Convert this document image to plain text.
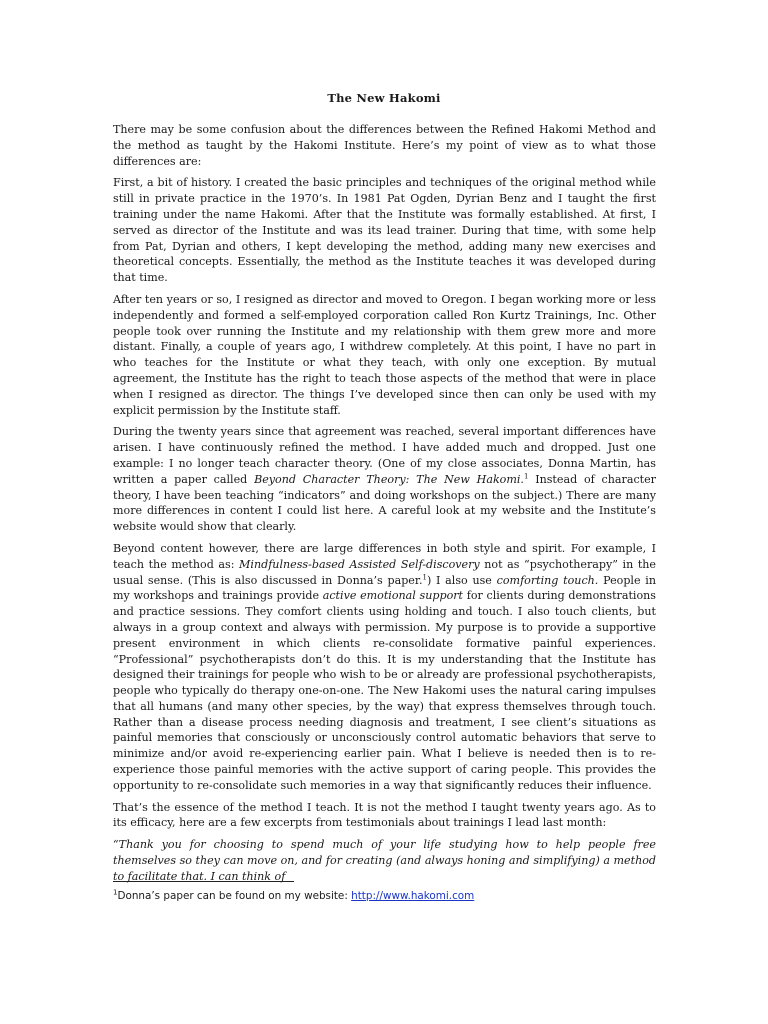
The New Hakomi

There may be some confusion about the differences between the Refined Hakomi Method and the method as taught by the Hakomi Institute. Here’s my point of view as to what those differences are:

First, a bit of history. I created the basic principles and techniques of the original method while still in private practice in the 1970’s. In 1981 Pat Ogden, Dyrian Benz and I taught the first training under the name Hakomi. After that the Institute was formally established. At first, I served as director of the Institute and was its lead trainer. During that time, with some help from Pat, Dyrian and others, I kept developing the method, adding many new exercises and theoretical concepts. Essentially, the method as the Institute teaches it was developed during that time.

After ten years or so, I resigned as director and moved to Oregon. I began working more or less independently and formed a self-employed corporation called Ron Kurtz Trainings, Inc. Other people took over running the Institute and my relationship with them grew more and more distant. Finally, a couple of years ago, I withdrew completely. At this point, I have no part in who teaches for the Institute or what they teach, with only one exception. By mutual agreement, the Institute has the right to teach those aspects of the method that were in place when I resigned as director. The things I’ve developed since then can only be used with my explicit permission by the Institute staff.

During the twenty years since that agreement was reached, several important differences have arisen. I have continuously refined the method. I have added much and dropped. Just one example: I no longer teach character theory. (One of my close associates, Donna Martin, has written a paper called Beyond Character Theory: The New Hakomi.$^1$ Instead of character theory, I have been teaching “indicators” and doing workshops on the subject.) There are many more differences in content I could list here. A careful look at my website and the Institute’s website would show that clearly.

Beyond content however, there are large differences in both style and spirit. For example, I teach the method as: Mindfulness-based Assisted Self-discovery not as “psychotherapy” in the usual sense. (This is also discussed in Donna’s paper.$^1$) I also use comforting touch. People in my workshops and trainings provide active emotional support for clients during demonstrations and practice sessions. They comfort clients using holding and touch. I also touch clients, but always in a group context and always with permission. My purpose is to provide a supportive present environment in which clients re-consolidate formative painful experiences. “Professional” psychotherapists don’t do this. It is my understanding that the Institute has designed their trainings for people who wish to be or already are professional psychotherapists, people who typically do therapy one-on-one. The New Hakomi uses the natural caring impulses that all humans (and many other species, by the way) that express themselves through touch. Rather than a disease process needing diagnosis and treatment, I see client’s situations as painful memories that consciously or unconsciously control automatic behaviors that serve to minimize and/or avoid re-experiencing earlier pain. What I believe is needed then is to re-experience those painful memories with the active support of caring people. This provides the opportunity to re-consolidate such memories in a way that significantly reduces their influence.

That’s the essence of the method I teach. It is not the method I taught twenty years ago. As to its efficacy, here are a few excerpts from testimonials about trainings I lead last month:

“Thank you for choosing to spend much of your life studying how to help people free themselves so they can move on, and for creating (and always honing and simplifying) a method to facilitate that. I can think of

$^1$Donna’s paper can be found on my website: http://www.hakomi.com
